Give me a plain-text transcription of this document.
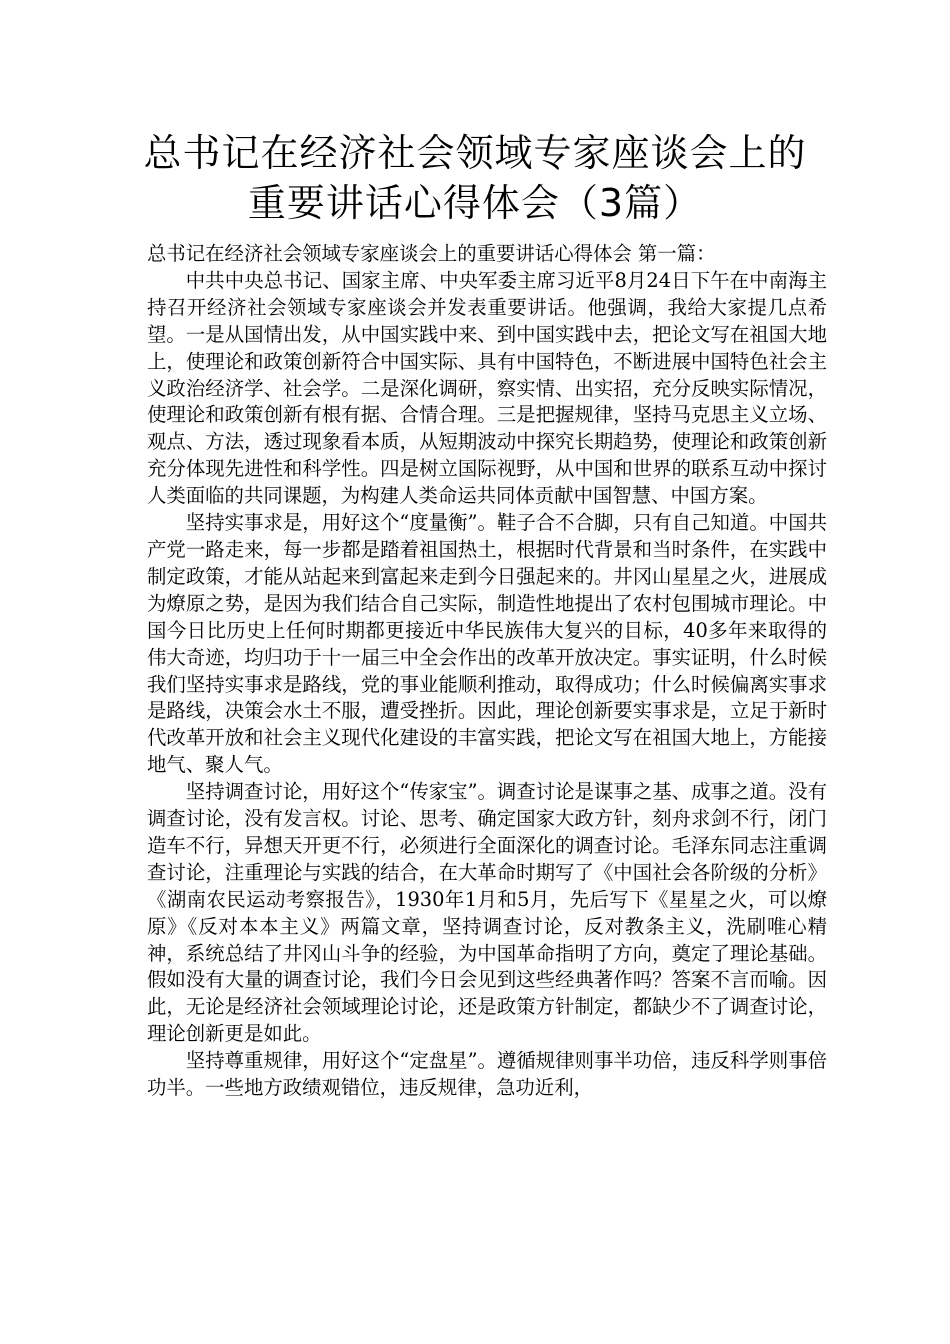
总书记在经济社会领域专家座谈会上的
重要讲话心得体会（3篇）

总书记在经济社会领域专家座谈会上的重要讲话心得体会 第一篇：

中共中央总书记、国家主席、中央军委主席习近平8月24日下午在中南海主持召开经济社会领域专家座谈会并发表重要讲话。他强调，我给大家提几点希望。一是从国情出发，从中国实践中来、到中国实践中去，把论文写在祖国大地上，使理论和政策创新符合中国实际、具有中国特色，不断进展中国特色社会主义政治经济学、社会学。二是深化调研，察实情、出实招，充分反映实际情况，使理论和政策创新有根有据、合情合理。三是把握规律，坚持马克思主义立场、观点、方法，透过现象看本质，从短期波动中探究长期趋势，使理论和政策创新充分体现先进性和科学性。四是树立国际视野，从中国和世界的联系互动中探讨人类面临的共同课题，为构建人类命运共同体贡献中国智慧、中国方案。

坚持实事求是，用好这个“度量衡”。鞋子合不合脚，只有自己知道。中国共产党一路走来，每一步都是踏着祖国热土，根据时代背景和当时条件，在实践中制定政策，才能从站起来到富起来走到今日强起来的。井冈山星星之火，进展成为燎原之势，是因为我们结合自己实际，制造性地提出了农村包围城市理论。中国今日比历史上任何时期都更接近中华民族伟大复兴的目标，40多年来取得的伟大奇迹，均归功于十一届三中全会作出的改革开放决定。事实证明，什么时候我们坚持实事求是路线，党的事业能顺利推动，取得成功；什么时候偏离实事求是路线，决策会水土不服，遭受挫折。因此，理论创新要实事求是，立足于新时代改革开放和社会主义现代化建设的丰富实践，把论文写在祖国大地上，方能接地气、聚人气。

坚持调查讨论，用好这个“传家宝”。调查讨论是谋事之基、成事之道。没有调查讨论，没有发言权。讨论、思考、确定国家大政方针，刻舟求剑不行，闭门造车不行，异想天开更不行，必须进行全面深化的调查讨论。毛泽东同志注重调查讨论，注重理论与实践的结合，在大革命时期写了《中国社会各阶级的分析》《湖南农民运动考察报告》，1930年1月和5月，先后写下《星星之火，可以燎原》《反对本本主义》两篇文章，坚持调查讨论，反对教条主义，洗刷唯心精神，系统总结了井冈山斗争的经验，为中国革命指明了方向，奠定了理论基础。假如没有大量的调查讨论，我们今日会见到这些经典著作吗？答案不言而喻。因此，无论是经济社会领域理论讨论，还是政策方针制定，都缺少不了调查讨论，理论创新更是如此。

坚持尊重规律，用好这个“定盘星”。遵循规律则事半功倍，违反科学则事倍功半。一些地方政绩观错位，违反规律，急功近利，
